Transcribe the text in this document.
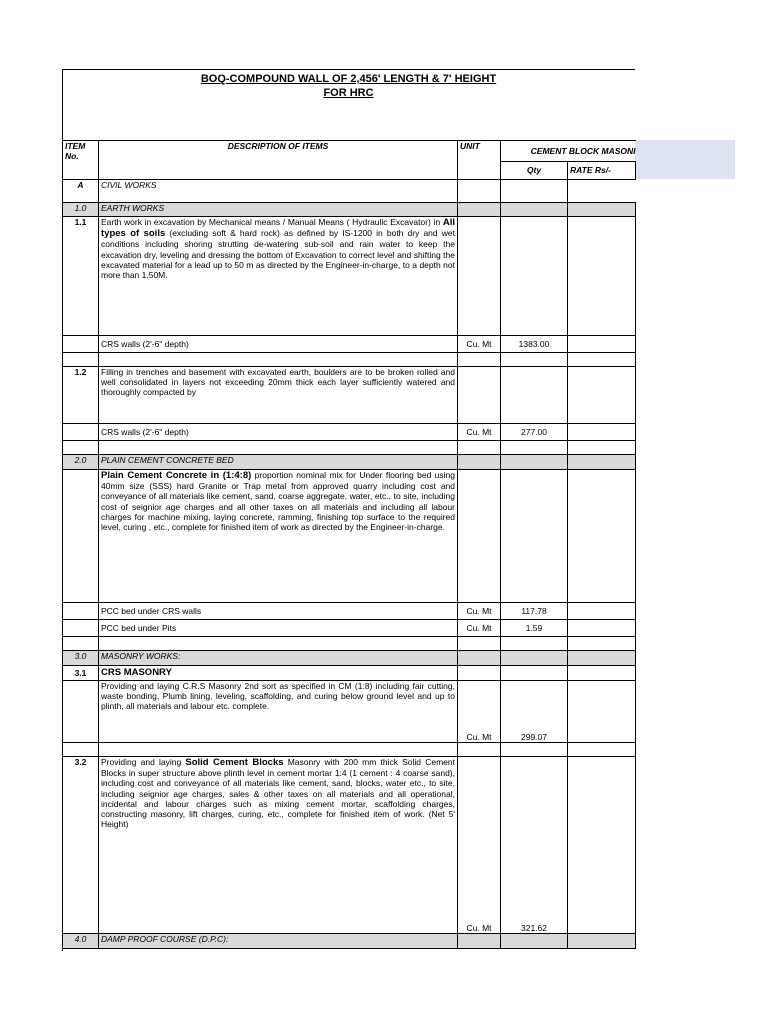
BOQ-COMPOUND WALL OF 2,456' LENGTH & 7' HEIGHT
FOR HRC
ITEM No.	DESCRIPTION OF ITEMS	UNIT	CEMENT BLOCK MASONI	
			Qty	RATE Rs/-
A	CIVIL WORKS			
1.0	EARTH WORKS			
1.1	Earth work in excavation by Mechanical means / Manual Means ( Hydraulic Excavator) in All types of soils (excluding soft & hard rock) as defined by IS-1200 in both dry and wet conditions including shoring strutting de-watering sub-soil and rain water to keep the excavation dry, leveling and dressing the bottom of Excavation to correct level and shifting the excavated material for a lead up to 50 m as directed by the Engineer-in-charge, to a depth not more than 1.50M.			
	CRS walls (2'-6" depth)	Cu. Mt	1383.00	

1.2	Filling in trenches and basement with excavated earth, boulders are to be broken rolled and well consolidated in layers not exceeding 20mm thick each layer sufficiently watered and thoroughly compacted by			
	CRS walls (2'-6" depth)	Cu. Mt	277.00	

2.0	PLAIN CEMENT CONCRETE BED			
	Plain Cement Concrete in (1:4:8) proportion nominal mix for Under flooring bed using 40mm size (SSS) hard Granite or Trap metal from approved quarry including cost and conveyance of all materials like cement, sand, coarse aggregate, water, etc., to site, including cost of seignior age charges and all other taxes on all materials and including all labour charges for machine mixing, laying concrete, ramming, finishing top surface to the required level, curing , etc., complete for finished item of work as directed by the Engineer-in-charge.			
	PCC bed under CRS walls	Cu. Mt	117.78	
	PCC bed under Pits	Cu. Mt	1.59	

3.0	MASONRY WORKS:			
3.1	CRS MASONRY			
	Providing and laying C.R.S Masonry 2nd sort as specified in CM (1:8) including fair cutting, waste bonding, Plumb lining, leveling, scaffolding, and curing below ground level and up to plinth, all materials and labour etc. complete.	Cu. Mt	299.07	

3.2	Providing and laying Solid Cement Blocks Masonry with 200 mm thick Solid Cement Blocks in super structure above plinth level in cement mortar 1:4 (1 cement : 4 coarse sand), including cost and conveyance of all materials like cement, sand, blocks, water etc., to site, including seignior age charges, sales & other taxes on all materials and all operational, incidental and labour charges such as mixing cement mortar, scaffolding charges, constructing masonry, lift charges, curing, etc., complete for finished item of work. (Net 5' Height)	Cu. Mt	321.62	
4.0	DAMP PROOF COURSE (D.P.C):			
